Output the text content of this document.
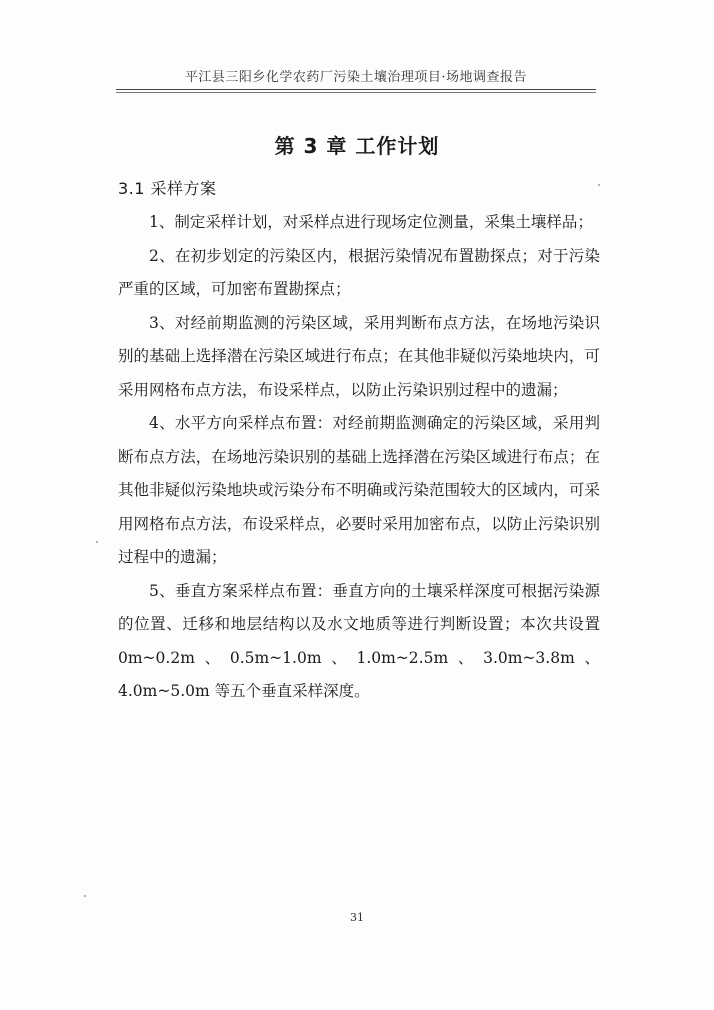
平江县三阳乡化学农药厂污染土壤治理项目·场地调查报告
第 3 章 工作计划
3.1 采样方案

1、制定采样计划，对采样点进行现场定位测量，采集土壤样品；

2、在初步划定的污染区内，根据污染情况布置勘探点；对于污染严重的区域，可加密布置勘探点；

3、对经前期监测的污染区域，采用判断布点方法，在场地污染识别的基础上选择潜在污染区域进行布点；在其他非疑似污染地块内，可采用网格布点方法，布设采样点，以防止污染识别过程中的遗漏；

4、水平方向采样点布置：对经前期监测确定的污染区域，采用判断布点方法，在场地污染识别的基础上选择潜在污染区域进行布点；在其他非疑似污染地块或污染分布不明确或污染范围较大的区域内，可采用网格布点方法，布设采样点，必要时采用加密布点，以防止污染识别过程中的遗漏；

5、垂直方案采样点布置：垂直方向的土壤采样深度可根据污染源的位置、迁移和地层结构以及水文地质等进行判断设置；本次共设置 0m~0.2m、0.5m~1.0m、1.0m~2.5m、3.0m~3.8m、4.0m~5.0m 等五个垂直采样深度。

31
